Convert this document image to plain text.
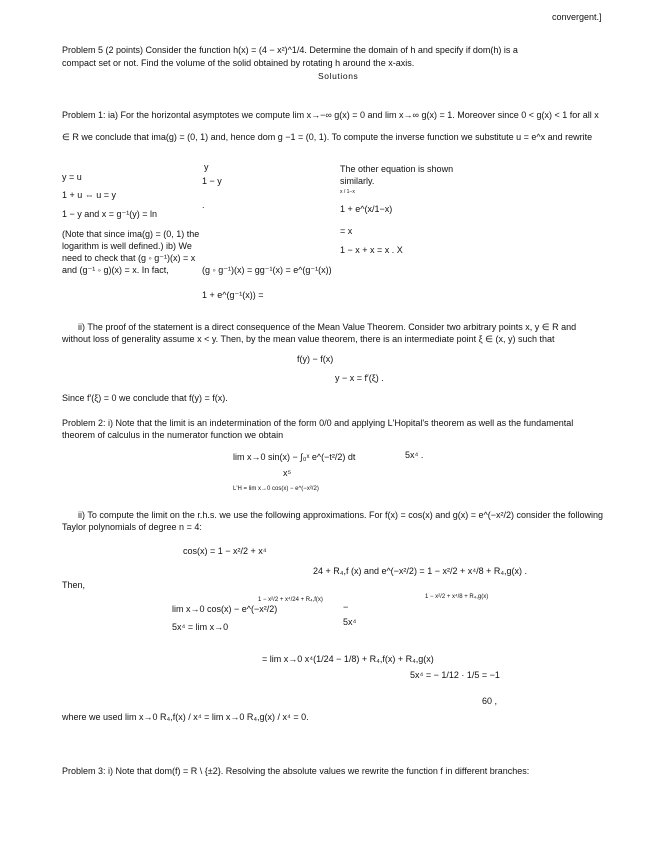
convergent.]
Problem 5 (2 points) Consider the function h(x) = (4 − x²)^1/4. Determine the domain of h and specify if dom(h) is a
compact set or not. Find the volume of the solid obtained by rotating h around the x-axis.
Solutions
Problem 1: ia) For the horizontal asymptotes we compute lim x→−∞ g(x) = 0 and lim x→∞ g(x) = 1. Moreover since 0 < g(x) < 1 for all x
∈ R we conclude that ima(g) = (0, 1) and, hence dom g −1 = (0, 1). To compute the inverse function we substitute u = e^x and rewrite
y = u
1 + u ⇔ u = y
1 − y and x = g⁻¹(y) = ln
(Note that since ima(g) = (0, 1) the logarithm is well defined.) ib) We need to check that (g ◦ g⁻¹)(x) = x and (g⁻¹ ◦ g)(x) = x. In fact,
y
1 − y
.
(g ◦ g⁻¹)(x) = gg⁻¹(x) = e^(g⁻¹(x))
1 + e^(g⁻¹(x)) =
The other equation is shown similarly.
x / 1−x
1 + e^(x/1−x)
= x
1 − x + x = x . X
ii) The proof of the statement is a direct consequence of the Mean Value Theorem. Consider two arbitrary points x, y ∈ R and
without loss of generality assume x < y. Then, by the mean value theorem, there is an intermediate point ξ ∈ (x, y) such that
f(y) − f(x)
y − x = f′(ξ) .
Since f′(ξ) = 0 we conclude that f(y) = f(x).
Problem 2: i) Note that the limit is an indetermination of the form 0/0 and applying L'Hopital's theorem as well as the fundamental
theorem of calculus in the numerator function we obtain
lim x→0 sin(x) − ∫₀ˣ e^(−t²/2) dt	5x⁴ .
x⁵
L'H = lim x→0 cos(x) − e^(−x²/2)
ii) To compute the limit on the r.h.s. we use the following approximations. For f(x) = cos(x) and g(x) = e^(−x²/2) consider the following
Taylor polynomials of degree n = 4:
cos(x) = 1 − x²/2 + x⁴
24 + R₄,f (x) and e^(−x²/2) = 1 − x²/2 + x⁴/8 + R₄,g(x) .
Then,
1 − x²/2 + x⁴/8 + R₄,g(x)
1 − x²/2 + x⁴/24 + R₄,f(x)
lim x→0 cos(x) − e^(−x²/2)	−
5x⁴ = lim x→0	5x⁴
= lim x→0 x⁴(1/24 − 1/8) + R₄,f(x) + R₄,g(x)
5x⁴ = − 1/12 · 1/5 = −1
60 ,
where we used lim x→0 R₄,f(x) / x⁴ = lim x→0 R₄,g(x) / x⁴ = 0.
Problem 3: i) Note that dom(f) = R \ {±2}. Resolving the absolute values we rewrite the function f in different branches:
